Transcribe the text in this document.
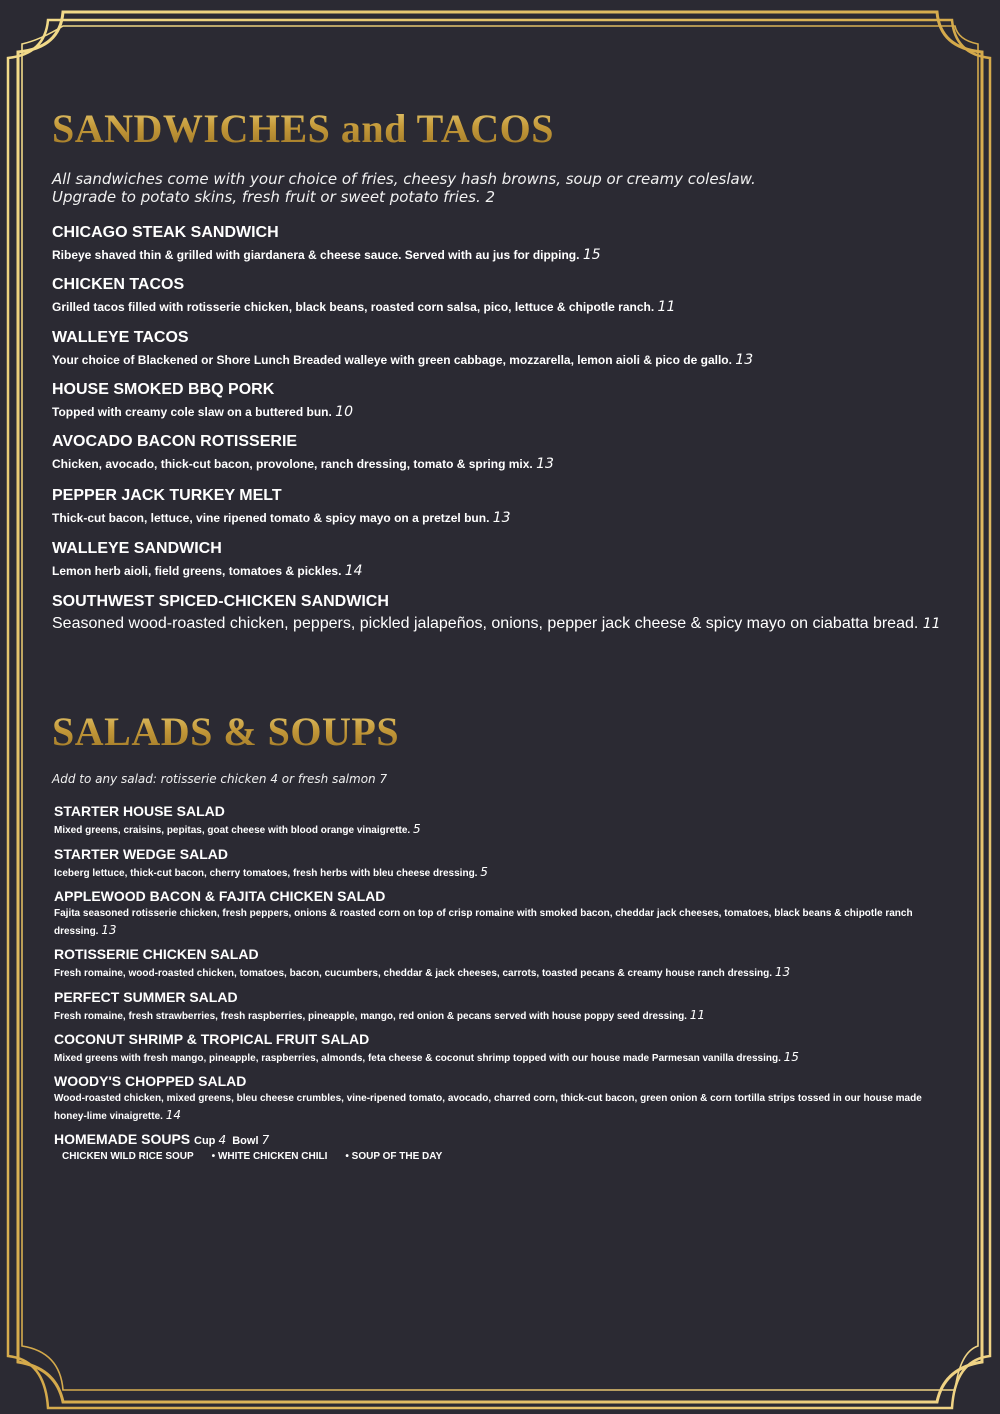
SANDWICHES and TACOS

All sandwiches come with your choice of fries, cheesy hash browns, soup or creamy coleslaw.

Upgrade to potato skins, fresh fruit or sweet potato fries. 2

CHICAGO STEAK SANDWICH
Ribeye shaved thin & grilled with giardanera & cheese sauce. Served with au jus for dipping. 15
CHICKEN TACOS
Grilled tacos filled with rotisserie chicken, black beans, roasted corn salsa, pico, lettuce & chipotle ranch. 11
WALLEYE TACOS
Your choice of Blackened or Shore Lunch Breaded walleye with green cabbage, mozzarella, lemon aioli & pico de gallo. 13
HOUSE SMOKED BBQ PORK
Topped with creamy cole slaw on a buttered bun. 10
AVOCADO BACON ROTISSERIE
Chicken, avocado, thick-cut bacon, provolone, ranch dressing, tomato & spring mix. 13
PEPPER JACK TURKEY MELT
Thick-cut bacon, lettuce, vine ripened tomato & spicy mayo on a pretzel bun. 13
WALLEYE SANDWICH
Lemon herb aioli, field greens, tomatoes & pickles. 14
SOUTHWEST SPICED-CHICKEN SANDWICH
Seasoned wood-roasted chicken, peppers, pickled jalapeños, onions, pepper jack cheese & spicy mayo on ciabatta bread. 11
SALADS & SOUPS

Add to any salad: rotisserie chicken 4 or fresh salmon 7

STARTER HOUSE SALAD
Mixed greens, craisins, pepitas, goat cheese with blood orange vinaigrette. 5
STARTER WEDGE SALAD
Iceberg lettuce, thick-cut bacon, cherry tomatoes, fresh herbs with bleu cheese dressing. 5
APPLEWOOD BACON & FAJITA CHICKEN SALAD
Fajita seasoned rotisserie chicken, fresh peppers, onions & roasted corn on top of crisp romaine with smoked bacon, cheddar jack cheeses, tomatoes, black beans & chipotle ranch dressing. 13
ROTISSERIE CHICKEN SALAD
Fresh romaine, wood-roasted chicken, tomatoes, bacon, cucumbers, cheddar & jack cheeses, carrots, toasted pecans & creamy house ranch dressing. 13
PERFECT SUMMER SALAD
Fresh romaine, fresh strawberries, fresh raspberries, pineapple, mango, red onion & pecans served with house poppy seed dressing. 11
COCONUT SHRIMP & TROPICAL FRUIT SALAD
Mixed greens with fresh mango, pineapple, raspberries, almonds, feta cheese & coconut shrimp topped with our house made Parmesan vanilla dressing. 15
WOODY'S CHOPPED SALAD
Wood-roasted chicken, mixed greens, bleu cheese crumbles, vine-ripened tomato, avocado, charred corn, thick-cut bacon, green onion & corn tortilla strips tossed in our house made honey-lime vinaigrette. 14
HOMEMADE SOUPS Cup 4 Bowl 7
CHICKEN WILD RICE SOUP • WHITE CHICKEN CHILI • SOUP OF THE DAY
